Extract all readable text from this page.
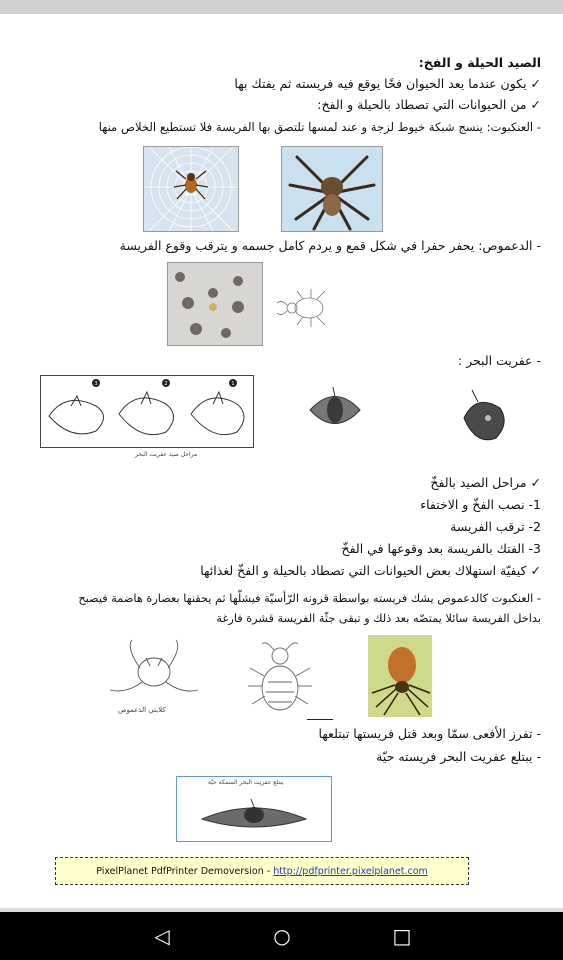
الصيد الحيلة و الفخ:
✓ يكون عندما يعد الحيوان فخًا يوقع فيه فريسته ثم يفتك بها
✓ من الحيوانات التي تصطاد بالحيلة و الفخ:
- العنكبوت: ينسج شبكة خيوط لزجة و عند لمسها تلتصق بها الفريسة فلا تستطيع الخلاص منها
- الدعموص: يحفر حفرا في شكل قمع و يردم كامل جسمه و يترقب وقوع الفريسة
- عفريت البحر :
3	2	1
مراحل صيد عفريت البحر
✓ مراحل الصيد بالفخّ
1- نصب الفخّ و الاختفاء
2- ترقب الفريسة
3- الفتك بالفريسة بعد وقوعها في الفخّ
✓ كيفيّة استهلاك بعض الحيوانات التي تصطاد بالحيلة و الفخّ لغذائها
- العنكبوت كالدعموص يشك فريسته بواسطة قرونه الرّأسيّة فيشلّها ثم يحقنها بعصارة هاضمة فيصبح
بداخل الفريسة سائلا يمتصّه بعد ذلك و تبقى جثّة الفريسة قشرة فارغة
كلابتي الدعموص
- تفرز الأفعى سمّا وبعد قتل فريستها تبتلعها
- يبتلع عفريت البحر فريسته حيّة
يبتلع عفريت البحر السمكة حيّة
PixelPlanet PdfPrinter Demoversion - http://pdfprinter.pixelplanet.com
◁	○	□
